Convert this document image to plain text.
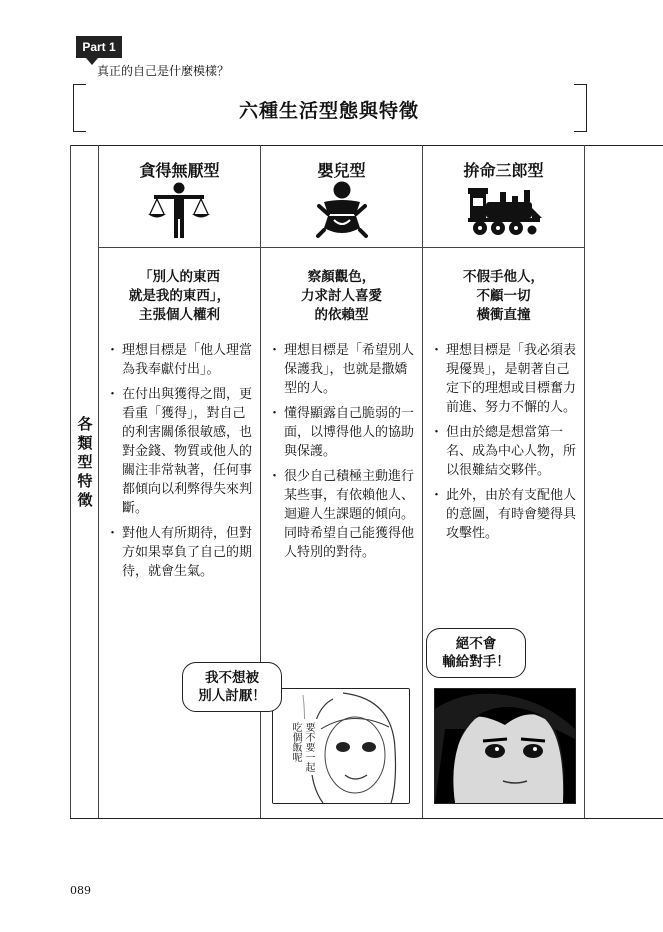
Part 1
真正的自己是什麼模樣？
六種生活型態與特徵
各類型特徵
貪得無厭型
「別人的東西
就是我的東西」，
主張個人權利
・ 理想目標是「他人理當為我奉獻付出」。
・ 在付出與獲得之間，更看重「獲得」，對自己的利害關係很敏感，也對金錢、物質或他人的關注非常執著，任何事都傾向以利弊得失來判斷。
・ 對他人有所期待，但對方如果辜負了自己的期待，就會生氣。
嬰兒型
察顏觀色，
力求討人喜愛
的依賴型
・ 理想目標是「希望別人保護我」，也就是撒嬌型的人。
・ 懂得顯露自己脆弱的一面，以博得他人的協助與保護。
・ 很少自己積極主動進行某些事，有依賴他人、迴避人生課題的傾向。同時希望自己能獲得他人特別的對待。
要不要一起
吃個飯呢
我不想被
別人討厭！
拚命三郎型
不假手他人，
不顧一切
橫衝直撞
・ 理想目標是「我必須表現優異」，是朝著自己定下的理想或目標奮力前進、努力不懈的人。
・ 但由於總是想當第一名、成為中心人物，所以很難結交夥伴。
・ 此外，由於有支配他人的意圖，有時會變得具攻擊性。
絕不會
輸給對手！
089
